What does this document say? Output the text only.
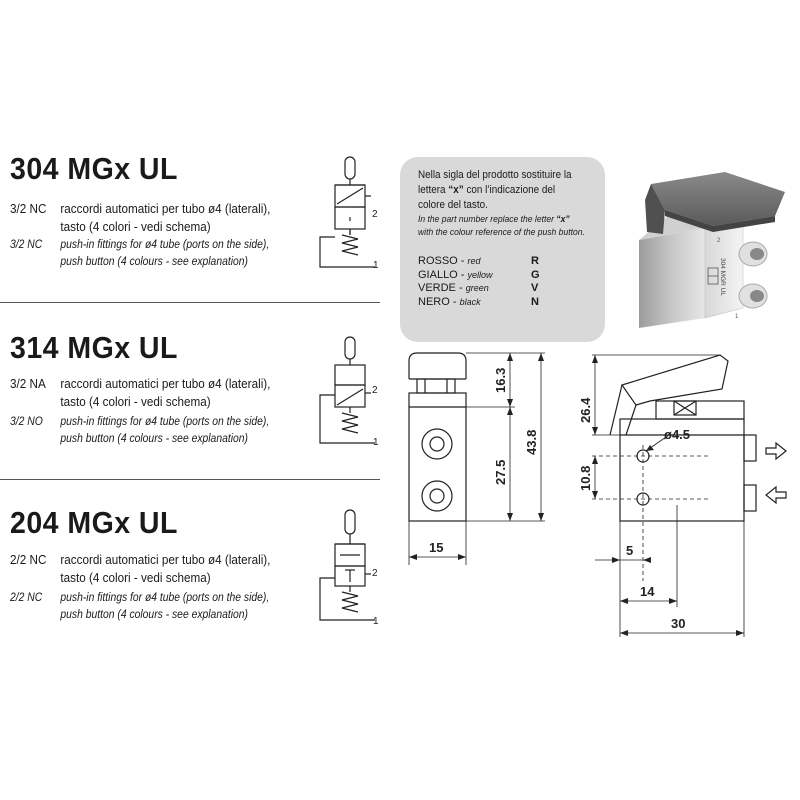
304 MGx UL
3/2 NC raccordi automatici per tubo ø4 (laterali),
tasto (4 colori - vedi schema)
3/2 NC push-in fittings for ø4 tube (ports on the side),
push button (4 colours - see explanation)
2
1
314 MGx UL
3/2 NA raccordi automatici per tubo ø4 (laterali),
tasto (4 colori - vedi schema)
3/2 NO push-in fittings for ø4 tube (ports on the side),
push button (4 colours - see explanation)
2
1
204 MGx UL
2/2 NC raccordi automatici per tubo ø4 (laterali),
tasto (4 colori - vedi schema)
2/2 NC push-in fittings for ø4 tube (ports on the side),
push button (4 colours - see explanation)
2
1
Nella sigla del prodotto sostituire la
lettera “x” con l’indicazione del
colore del tasto.
In the part number replace the letter “x”
with the colour reference of the push button.
ROSSO - red	R
GIALLO - yellow	G
VERDE - green	V
NERO - black	N
2
1
304 MGR UL
16.3
27.5
43.8
15
26.4
10.8
ø4.5
5
14
30
